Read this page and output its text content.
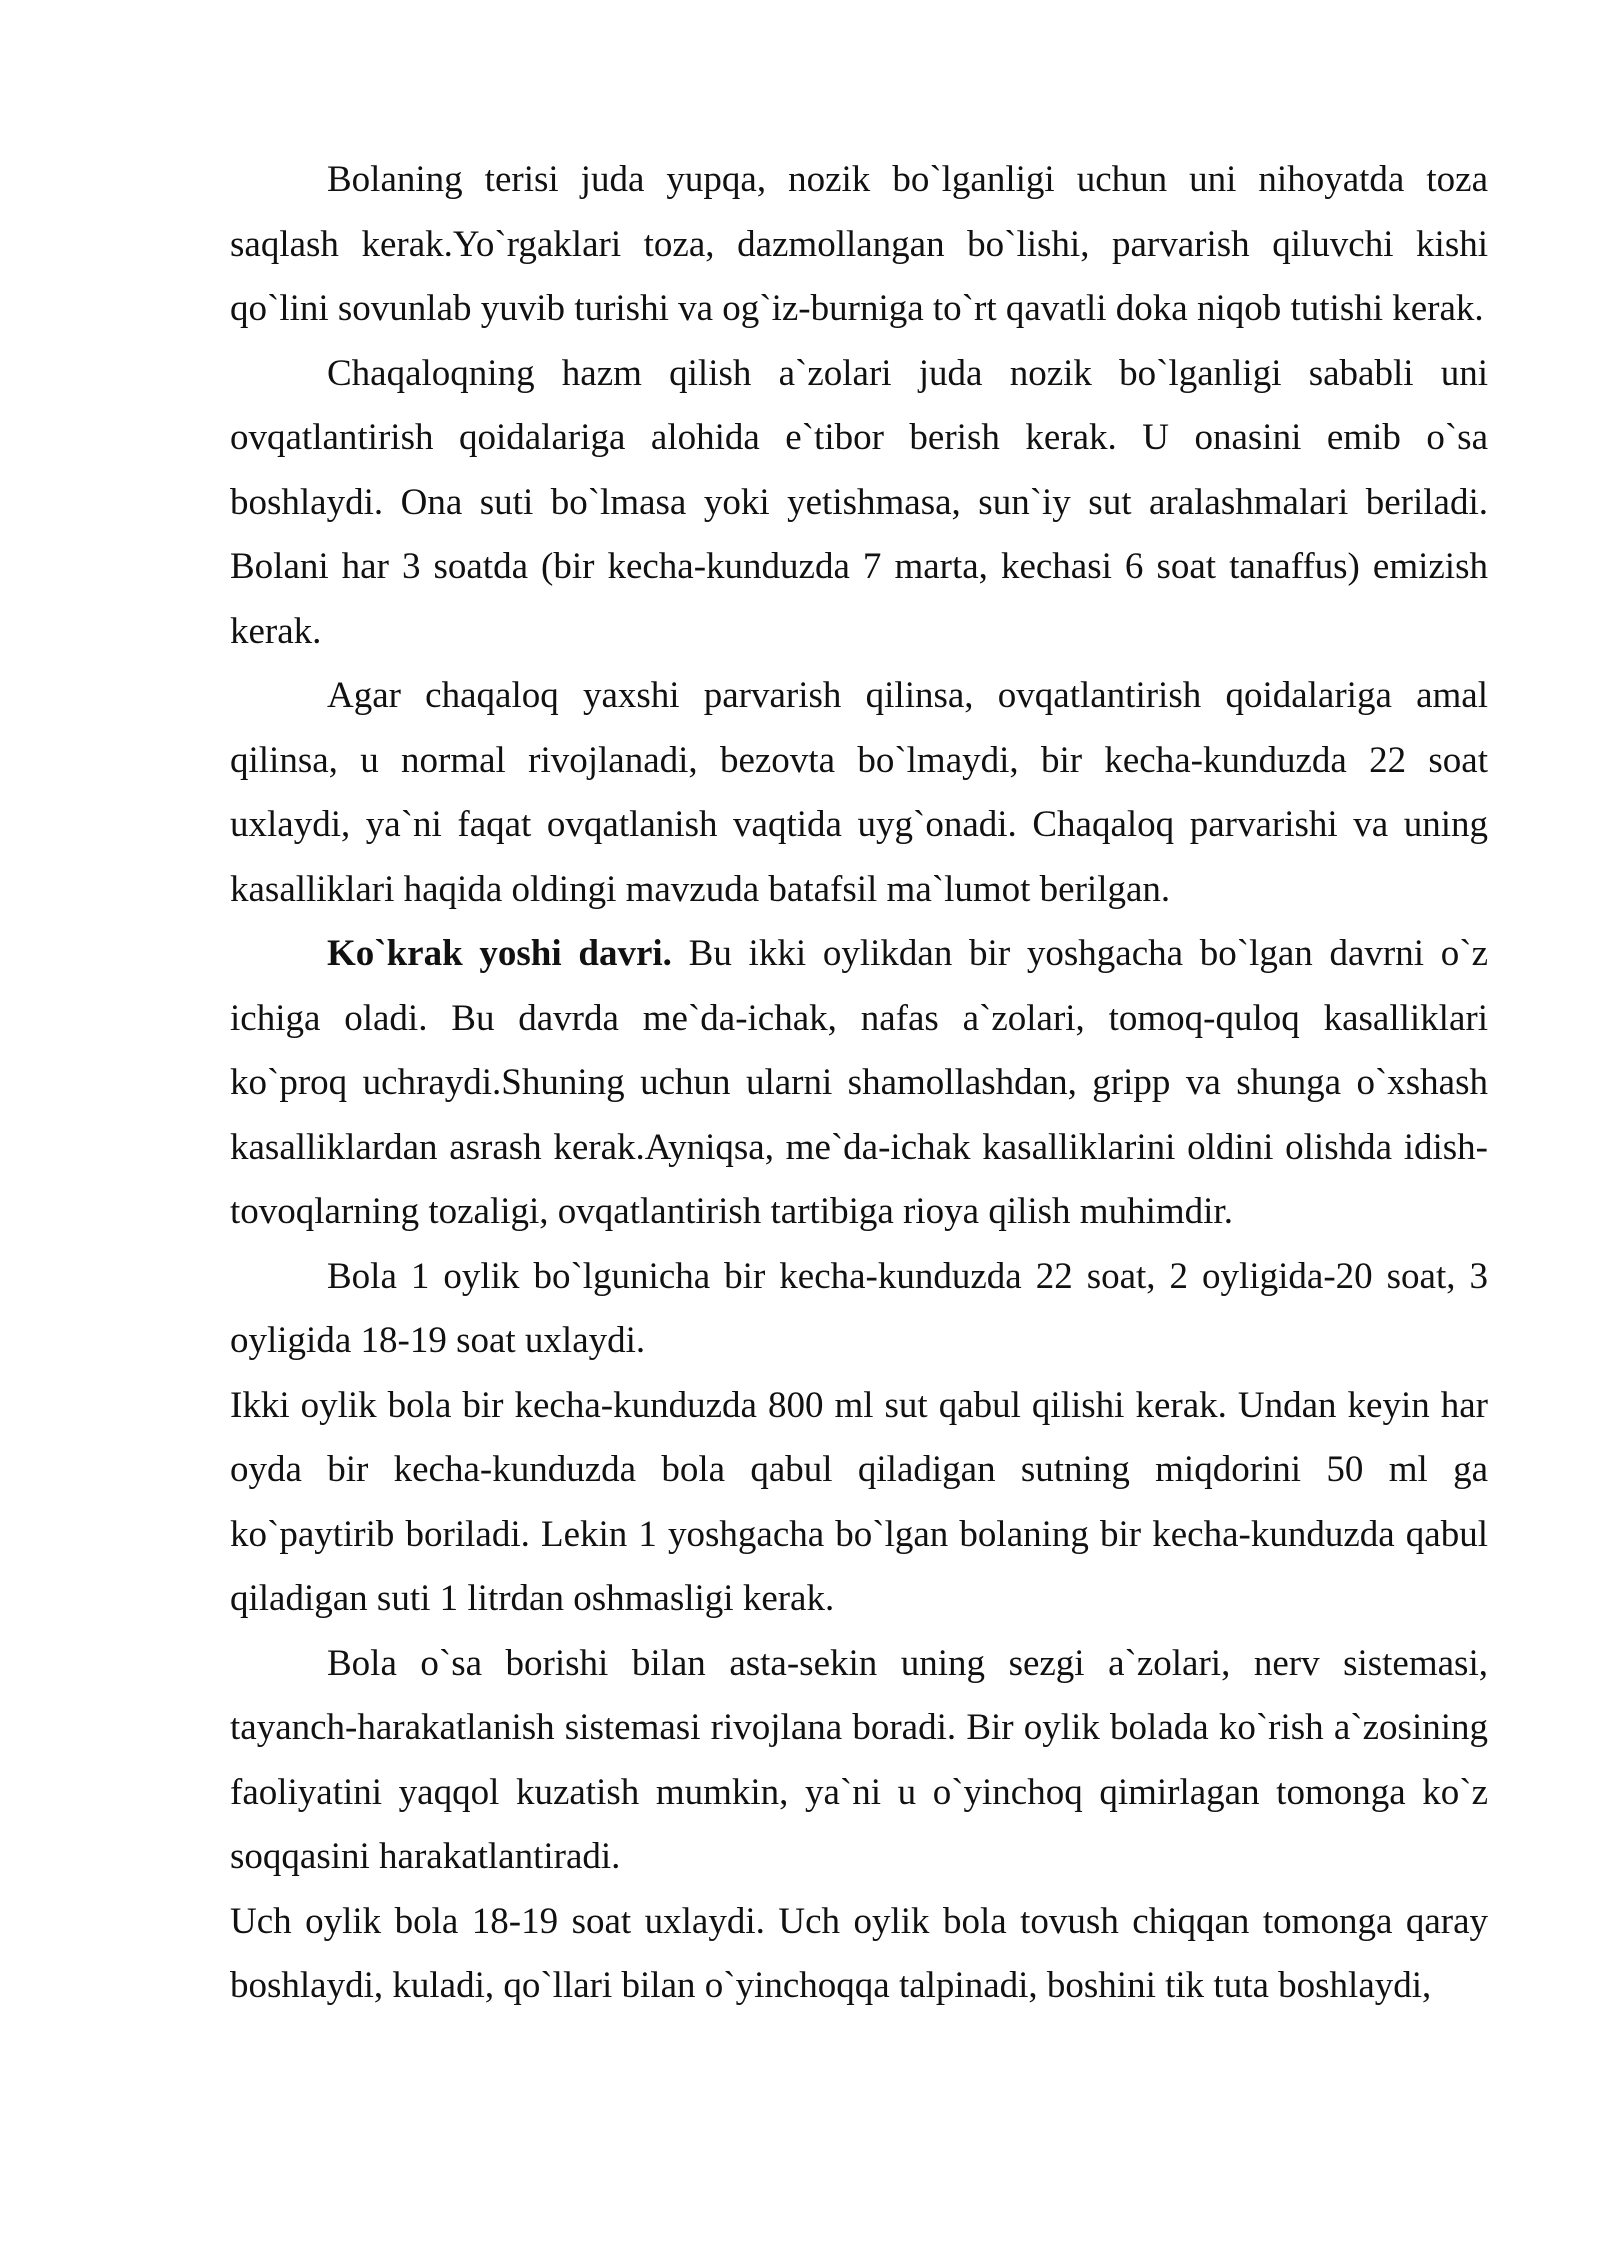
Bolaning terisi juda yupqa, nozik bo`lganligi uchun uni nihoyatda toza saqlash kerak.Yo`rgaklari toza, dazmollangan bo`lishi, parvarish qiluvchi kishi qo`lini sovunlab yuvib turishi va og`iz-burniga to`rt qavatli doka niqob tutishi kerak.

Chaqaloqning hazm qilish a`zolari juda nozik bo`lganligi sababli uni ovqatlantirish qoidalariga alohida e`tibor berish kerak. U onasini emib o`sa boshlaydi. Ona suti bo`lmasa yoki yetishmasa, sun`iy sut aralashmalari beriladi. Bolani har 3 soatda (bir kecha-kunduzda 7 marta, kechasi 6 soat tanaffus) emizish kerak.

Agar chaqaloq yaxshi parvarish qilinsa, ovqatlantirish qoidalariga amal qilinsa, u normal rivojlanadi, bezovta bo`lmaydi, bir kecha-kunduzda 22 soat uxlaydi, ya`ni faqat ovqatlanish vaqtida uyg`onadi. Chaqaloq parvarishi va uning kasalliklari haqida oldingi mavzuda batafsil ma`lumot berilgan.

Ko`krak yoshi davri. Bu ikki oylikdan bir yoshgacha bo`lgan davrni o`z ichiga oladi. Bu davrda me`da-ichak, nafas a`zolari, tomoq-quloq kasalliklari ko`proq uchraydi.Shuning uchun ularni shamollashdan, gripp va shunga o`xshash kasalliklardan asrash kerak.Ayniqsa, me`da-ichak kasalliklarini oldini olishda idish-tovoqlarning tozaligi, ovqatlantirish tartibiga rioya qilish muhimdir.

Bola 1 oylik bo`lgunicha bir kecha-kunduzda 22 soat, 2 oyligida-20 soat, 3 oyligida 18-19 soat uxlaydi.

Ikki oylik bola bir kecha-kunduzda 800 ml sut qabul qilishi kerak. Undan keyin har oyda bir kecha-kunduzda bola qabul qiladigan sutning miqdorini 50 ml ga ko`paytirib boriladi. Lekin 1 yoshgacha bo`lgan bolaning bir kecha-kunduzda qabul qiladigan suti 1 litrdan oshmasligi kerak.

Bola o`sa borishi bilan asta-sekin uning sezgi a`zolari, nerv sistemasi, tayanch-harakatlanish sistemasi rivojlana boradi. Bir oylik bolada ko`rish a`zosining faoliyatini yaqqol kuzatish mumkin, ya`ni u o`yinchoq qimirlagan tomonga ko`z soqqasini harakatlantiradi.

Uch oylik bola 18-19 soat uxlaydi. Uch oylik bola tovush chiqqan tomonga qaray boshlaydi, kuladi, qo`llari bilan o`yinchoqqa talpinadi, boshini tik tuta boshlaydi,
